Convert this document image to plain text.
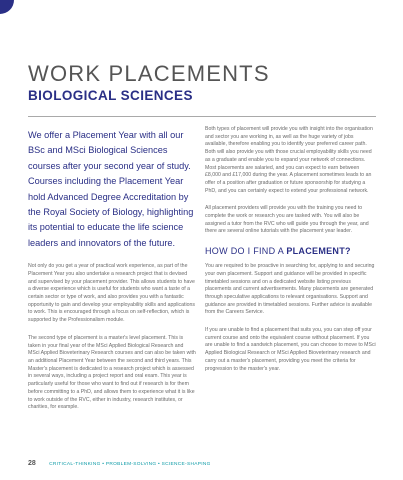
WORK PLACEMENTS
BIOLOGICAL SCIENCES

We offer a Placement Year with all our BSc and MSci Biological Sciences courses after your second year of study. Courses including the Placement Year hold Advanced Degree Accreditation by the Royal Society of Biology, highlighting its potential to educate the life science leaders and innovators of the future.

Not only do you get a year of practical work experience, as part of the Placement Year you also undertake a research project that is devised and supervised by your placement provider. This allows students to have a diverse experience which is useful for students who want a taste of a certain sector or type of work, and also provides you with a fantastic opportunity to gain and develop your employability skills and applications to work. This is encouraged through a focus on self-reflection, which is supported by the Professionalism module.

The second type of placement is a master's level placement. This is taken in your final year of the MSci Applied Biological Research and MSci Applied Bioveterinary Research courses and can also be taken with an additional Placement Year between the second and third years. This Master's placement is dedicated to a research project which is assessed in several ways, including a project report and oral exam. This year is particularly useful for those who want to find out if research is for them before committing to a PhD, and allows them to experience what it is like to work outside of the RVC, either in industry, research institutes, or charities, for example.

Both types of placement will provide you with insight into the organisation and sector you are working in, as well as the huge variety of jobs available, therefore enabling you to identify your preferred career path. Both will also provide you with those crucial employability skills you need as a graduate and enable you to expand your network of connections. Most placements are salaried, and you can expect to earn between £8,000 and £17,000 during the year. A placement sometimes leads to an offer of a position after graduation or future sponsorship for studying a PhD, and you can certainly expect to extend your professional network.

All placement providers will provide you with the training you need to complete the work or research you are tasked with. You will also be assigned a tutor from the RVC who will guide you through the year, and there are several online tutorials with the placement year leader.

HOW DO I FIND A PLACEMENT?

You are required to be proactive in searching for, applying to and securing your own placement. Support and guidance will be provided in specific timetabled sessions and on a dedicated website listing previous placements and current advertisements. Many placements are generated through speculative applications to relevant organisations. Support and guidance are provided in timetabled sessions. Further advice is available from the Careers Service.

If you are unable to find a placement that suits you, you can step off your current course and onto the equivalent course without placement. If you are unable to find a sandwich placement, you can choose to move to MSci Applied Biological Research or MSci Applied Bioveterinary research and carry out a master's placement, providing you meet the criteria for progression to the master's year.

28	CRITICAL-THINKING • PROBLEM-SOLVING • SCIENCE-SHAPING
